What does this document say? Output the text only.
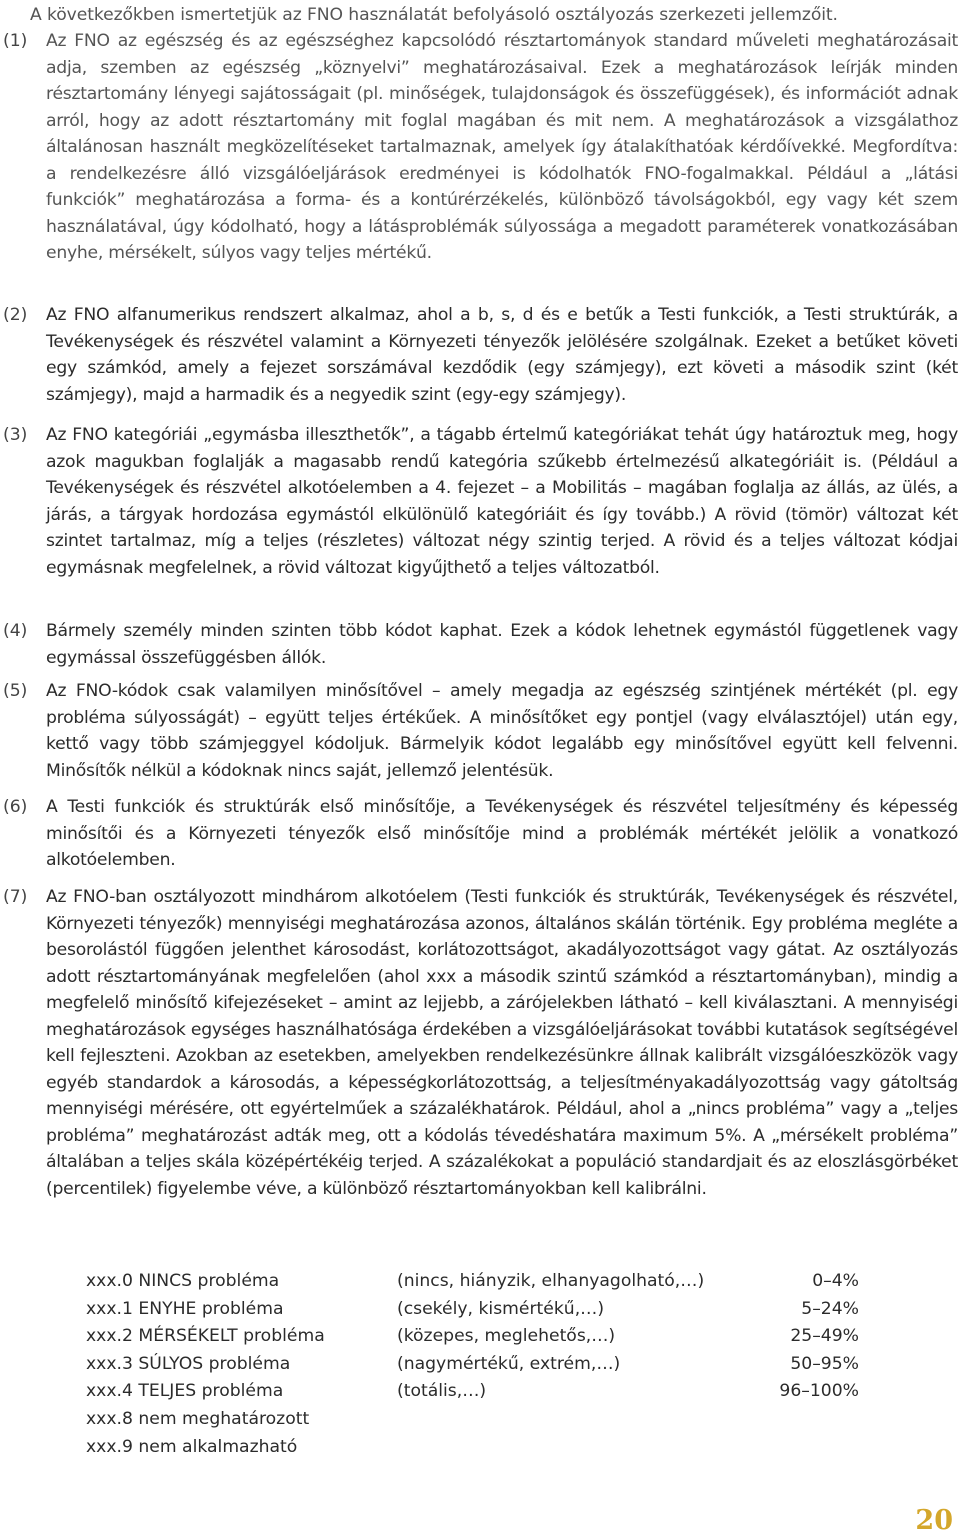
A következőkben ismertetjük az FNO használatát befolyásoló osztályozás szerkezeti jellemzőit.
(1)	Az FNO az egészség és az egészséghez kapcsolódó résztartományok standard műveleti meghatározásait adja, szemben az egészség „köznyelvi” meghatározásaival. Ezek a meghatározások leírják minden résztartomány lényegi sajátosságait (pl. minőségek, tulajdonságok és összefüggések), és információt adnak arról, hogy az adott résztartomány mit foglal magában és mit nem. A meghatározások a vizsgálathoz általánosan használt megközelítéseket tartalmaznak, amelyek így átalakíthatóak kérdőívekké. Megfordítva: a rendelkezésre álló vizsgálóeljárások eredményei is kódolhatók FNO-fogalmakkal. Például a „látási funkciók” meghatározása a forma- és a kontúrérzékelés, különböző távolságokból, egy vagy két szem használatával, úgy kódolható, hogy a látásproblémák súlyossága a megadott paraméterek vonatkozásában enyhe, mérsékelt, súlyos vagy teljes mértékű.
(2)	Az FNO alfanumerikus rendszert alkalmaz, ahol a b, s, d és e betűk a Testi funkciók, a Testi struktúrák, a Tevékenységek és részvétel valamint a Környezeti tényezők jelölésére szolgálnak. Ezeket a betűket követi egy számkód, amely a fejezet sorszámával kezdődik (egy számjegy), ezt követi a második szint (két számjegy), majd a harmadik és a negyedik szint (egy-egy számjegy).
(3)	Az FNO kategóriái „egymásba illeszthetők”, a tágabb értelmű kategóriákat tehát úgy határoztuk meg, hogy azok magukban foglalják a magasabb rendű kategória szűkebb értelmezésű alkategóriáit is. (Például a Tevékenységek és részvétel alkotóelemben a 4. fejezet – a Mobilitás – magában foglalja az állás, az ülés, a járás, a tárgyak hordozása egymástól elkülönülő kategóriáit és így tovább.) A rövid (tömör) változat két szintet tartalmaz, míg a teljes (részletes) változat négy szintig terjed. A rövid és a teljes változat kódjai egymásnak megfelelnek, a rövid változat kigyűjthető a teljes változatból.
(4)	Bármely személy minden szinten több kódot kaphat. Ezek a kódok lehetnek egymástól függetlenek vagy egymással összefüggésben állók.
(5)	Az FNO-kódok csak valamilyen minősítővel – amely megadja az egészség szintjének mértékét (pl. egy probléma súlyosságát) – együtt teljes értékűek. A minősítőket egy pontjel (vagy elválasztójel) után egy, kettő vagy több számjeggyel kódoljuk. Bármelyik kódot legalább egy minősítővel együtt kell felvenni. Minősítők nélkül a kódoknak nincs saját, jellemző jelentésük.
(6)	A Testi funkciók és struktúrák első minősítője, a Tevékenységek és részvétel teljesítmény és képesség minősítői és a Környezeti tényezők első minősítője mind a problémák mértékét jelölik a vonatkozó alkotóelemben.
(7)	Az FNO-ban osztályozott mindhárom alkotóelem (Testi funkciók és struktúrák, Tevékenységek és részvétel, Környezeti tényezők) mennyiségi meghatározása azonos, általános skálán történik. Egy probléma megléte a besorolástól függően jelenthet károsodást, korlátozottságot, akadályozottságot vagy gátat. Az osztályozás adott résztartományának megfelelően (ahol xxx a második szintű számkód a résztartományban), mindig a megfelelő minősítő kifejezéseket – amint az lejjebb, a zárójelekben látható – kell kiválasztani. A mennyiségi meghatározások egységes használhatósága érdekében a vizsgálóeljárásokat további kutatások segítségével kell fejleszteni. Azokban az esetekben, amelyekben rendelkezésünkre állnak kalibrált vizsgálóeszközök vagy egyéb standardok a károsodás, a képességkorlátozottság, a teljesítményakadályozottság vagy gátoltság mennyiségi mérésére, ott egyértelműek a százalékhatárok. Például, ahol a „nincs probléma” vagy a „teljes probléma” meghatározást adták meg, ott a kódolás tévedéshatára maximum 5%. A „mérsékelt probléma” általában a teljes skála középértékéig terjed. A százalékokat a populáció standardjait és az eloszlásgörbéket (percentilek) figyelembe véve, a különböző résztartományokban kell kalibrálni.
xxx.0 NINCS probléma	(nincs, hiányzik, elhanyagolható,…)	0–4%
xxx.1 ENYHE probléma	(csekély, kismértékű,…)	5–24%
xxx.2 MÉRSÉKELT probléma	(közepes, meglehetős,…)	25–49%
xxx.3 SÚLYOS probléma	(nagymértékű, extrém,…)	50–95%
xxx.4 TELJES probléma	(totális,…)	96–100%
xxx.8 nem meghatározott
xxx.9 nem alkalmazható
20
